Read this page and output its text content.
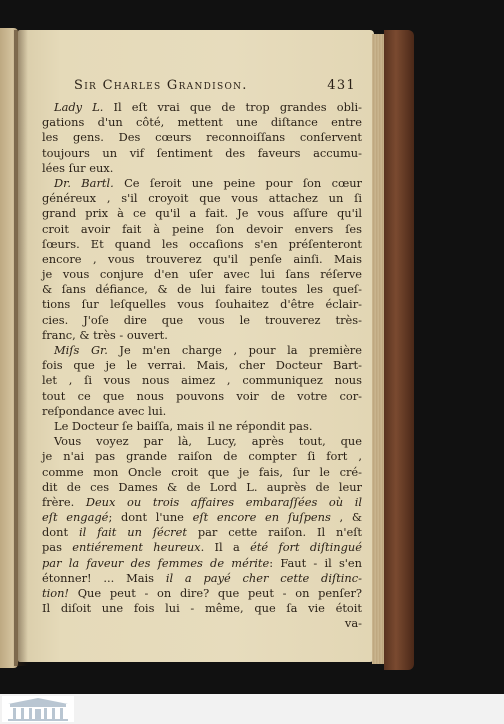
Sir Charles Grandison.	431
Lady L. Il eſt vrai que de trop grandes obli-
gations d'un côté, mettent une diſtance entre
les gens. Des cœurs reconnoiſſans conſervent
toujours un vif ſentiment des faveurs accumu-
lées ſur eux.
Dr. Bartl. Ce ſeroit une peine pour ſon cœur
généreux , s'il croyoit que vous attachez un ſi
grand prix à ce qu'il a fait. Je vous aſſure qu'il
croit avoir fait à peine ſon devoir envers ſes
ſœurs. Et quand les occaſions s'en préſenteront
encore , vous trouverez qu'il penſe ainſi. Mais
je vous conjure d'en uſer avec lui ſans réſerve
& ſans défiance, & de lui faire toutes les queſ-
tions ſur leſquelles vous ſouhaitez d'être éclair-
cies. J'oſe dire que vous le trouverez très-
franc, & très - ouvert.
Miſs Gr. Je m'en charge , pour la première
fois que je le verrai. Mais, cher Docteur Bart-
let , ſi vous nous aimez , communiquez nous
tout ce que nous pouvons voir de votre cor-
reſpondance avec lui.
Le Docteur ſe baiſſa, mais il ne répondit pas.
Vous voyez par là, Lucy, après tout, que
je n'ai pas grande raiſon de compter ſi fort ,
comme mon Oncle croit que je fais, ſur le cré-
dit de ces Dames & de Lord L. auprès de leur
frère. Deux ou trois affaires embaraſſées où il
eſt engagé; dont l'une eſt encore en ſuſpens , &
dont il fait un ſécret par cette raiſon. Il n'eſt
pas entiérement heureux. Il a été fort diſtingué
par la faveur des femmes de mérite: Faut - il s'en
étonner! ... Mais il a payé cher cette diſtinc-
tion! Que peut - on dire? que peut - on penſer?
Il diſoit une fois lui - même, que ſa vie étoit
va-
